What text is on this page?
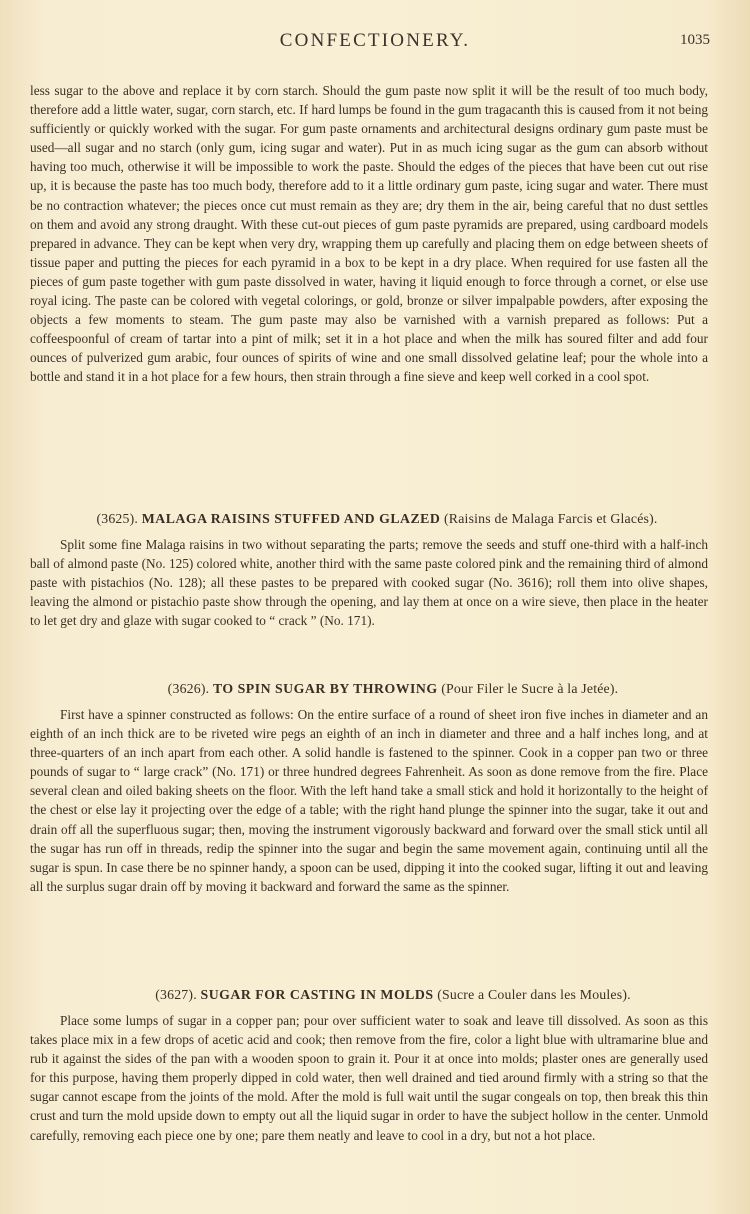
CONFECTIONERY.	1035

less sugar to the above and replace it by corn starch. Should the gum paste now split it will be the result of too much body, therefore add a little water, sugar, corn starch, etc. If hard lumps be found in the gum tragacanth this is caused from it not being sufficiently or quickly worked with the sugar. For gum paste ornaments and architectural designs ordinary gum paste must be used—all sugar and no starch (only gum, icing sugar and water). Put in as much icing sugar as the gum can absorb without having too much, otherwise it will be impossible to work the paste. Should the edges of the pieces that have been cut out rise up, it is because the paste has too much body, therefore add to it a little ordinary gum paste, icing sugar and water. There must be no contraction whatever; the pieces once cut must remain as they are; dry them in the air, being careful that no dust settles on them and avoid any strong draught. With these cut-out pieces of gum paste pyramids are prepared, using cardboard models prepared in advance. They can be kept when very dry, wrapping them up carefully and placing them on edge between sheets of tissue paper and putting the pieces for each pyramid in a box to be kept in a dry place. When required for use fasten all the pieces of gum paste together with gum paste dissolved in water, having it liquid enough to force through a cornet, or else use royal icing. The paste can be colored with vegetal colorings, or gold, bronze or silver impalpable powders, after exposing the objects a few moments to steam. The gum paste may also be varnished with a varnish prepared as follows: Put a coffeespoonful of cream of tartar into a pint of milk; set it in a hot place and when the milk has soured filter and add four ounces of pulverized gum arabic, four ounces of spirits of wine and one small dissolved gelatine leaf; pour the whole into a bottle and stand it in a hot place for a few hours, then strain through a fine sieve and keep well corked in a cool spot.

(3625). MALAGA RAISINS STUFFED AND GLAZED (Raisins de Malaga Farcis et Glacés).

Split some fine Malaga raisins in two without separating the parts; remove the seeds and stuff one-third with a half-inch ball of almond paste (No. 125) colored white, another third with the same paste colored pink and the remaining third of almond paste with pistachios (No. 128); all these pastes to be prepared with cooked sugar (No. 3616); roll them into olive shapes, leaving the almond or pistachio paste show through the opening, and lay them at once on a wire sieve, then place in the heater to let get dry and glaze with sugar cooked to “ crack ” (No. 171).

(3626). TO SPIN SUGAR BY THROWING (Pour Filer le Sucre à la Jetée).

First have a spinner constructed as follows: On the entire surface of a round of sheet iron five inches in diameter and an eighth of an inch thick are to be riveted wire pegs an eighth of an inch in diameter and three and a half inches long, and at three-quarters of an inch apart from each other. A solid handle is fastened to the spinner. Cook in a copper pan two or three pounds of sugar to “ large crack” (No. 171) or three hundred degrees Fahrenheit. As soon as done remove from the fire. Place several clean and oiled baking sheets on the floor. With the left hand take a small stick and hold it horizontally to the height of the chest or else lay it projecting over the edge of a table; with the right hand plunge the spinner into the sugar, take it out and drain off all the superfluous sugar; then, moving the instrument vigorously backward and forward over the small stick until all the sugar has run off in threads, redip the spinner into the sugar and begin the same movement again, continuing until all the sugar is spun. In case there be no spinner handy, a spoon can be used, dipping it into the cooked sugar, lifting it out and leaving all the surplus sugar drain off by moving it backward and forward the same as the spinner.

(3627). SUGAR FOR CASTING IN MOLDS (Sucre a Couler dans les Moules).

Place some lumps of sugar in a copper pan; pour over sufficient water to soak and leave till dissolved. As soon as this takes place mix in a few drops of acetic acid and cook; then remove from the fire, color a light blue with ultramarine blue and rub it against the sides of the pan with a wooden spoon to grain it. Pour it at once into molds; plaster ones are generally used for this purpose, having them properly dipped in cold water, then well drained and tied around firmly with a string so that the sugar cannot escape from the joints of the mold. After the mold is full wait until the sugar congeals on top, then break this thin crust and turn the mold upside down to empty out all the liquid sugar in order to have the subject hollow in the center. Unmold carefully, removing each piece one by one; pare them neatly and leave to cool in a dry, but not a hot place.
